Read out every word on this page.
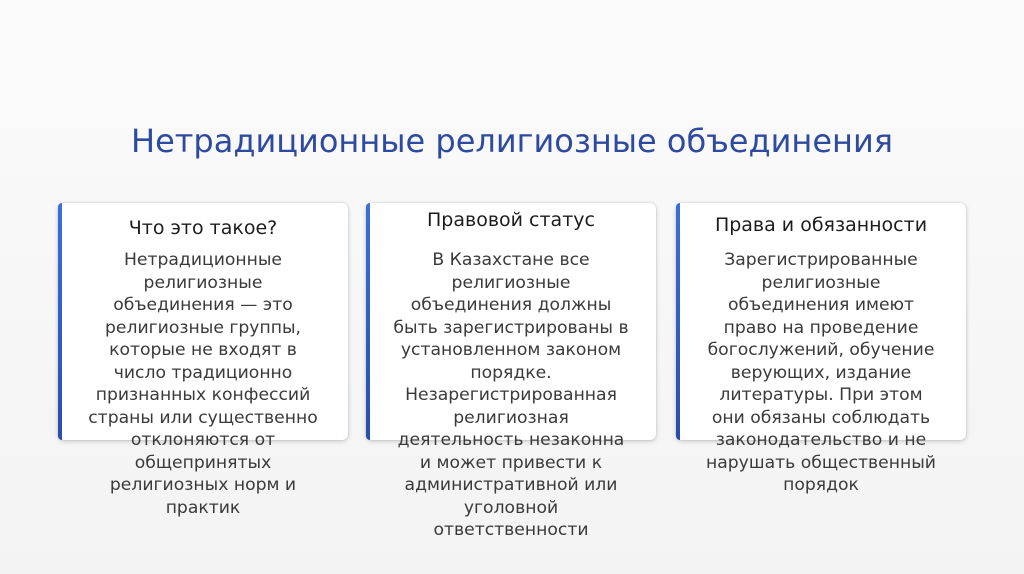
Нетрадиционные религиозные объединения
Что это такое?
Нетрадиционные
религиозные
объединения — это
религиозные группы,
которые не входят в
число традиционно
признанных конфессий
страны или существенно
отклоняются от
общепринятых
религиозных норм и
практик
Правовой статус
В Казахстане все
религиозные
объединения должны
быть зарегистрированы в
установленном законом
порядке.
Незарегистрированная
религиозная
деятельность незаконна
и может привести к
административной или
уголовной
ответственности
Права и обязанности
Зарегистрированные
религиозные
объединения имеют
право на проведение
богослужений, обучение
верующих, издание
литературы. При этом
они обязаны соблюдать
законодательство и не
нарушать общественный
порядок
